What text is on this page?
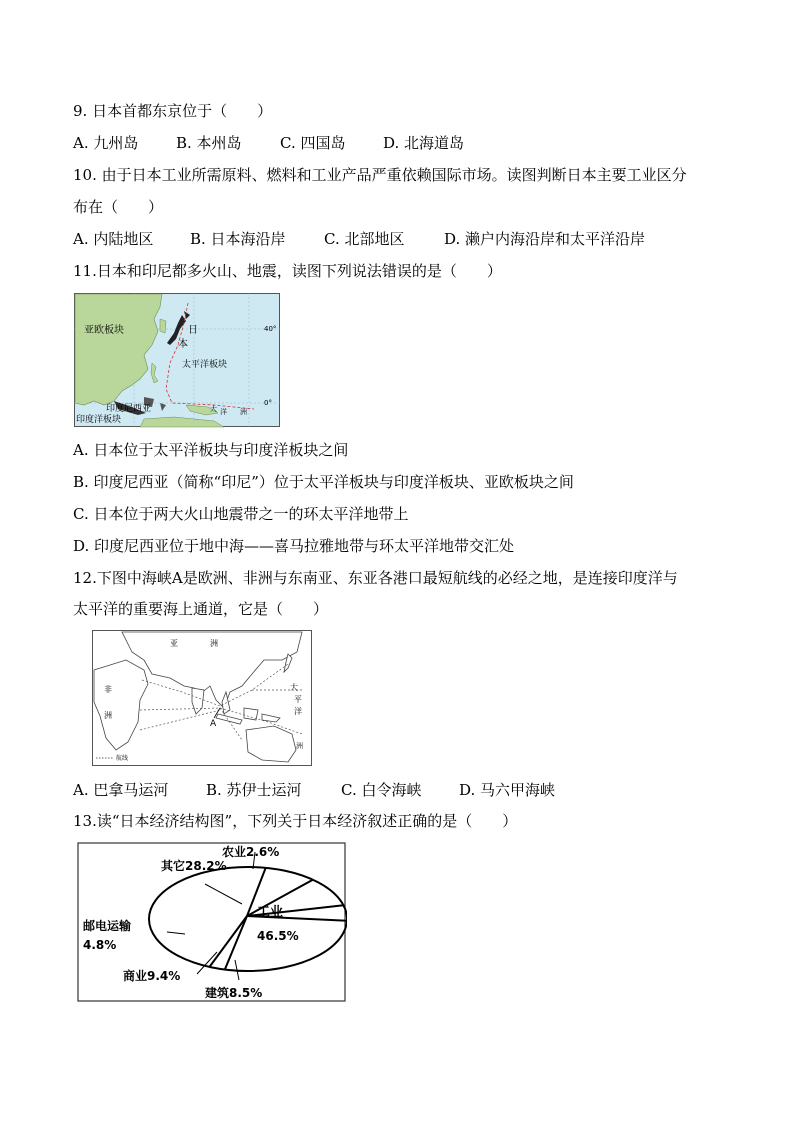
9. 日本首都东京位于（　　）
A. 九州岛	B. 本州岛	C. 四国岛	D. 北海道岛
10. 由于日本工业所需原料、燃料和工业产品严重依赖国际市场。读图判断日本主要工业区分
布在（　　）
A. 内陆地区 B. 日本海沿岸	C. 北部地区	D. 濑户内海沿岸和太平洋沿岸
11.日本和印尼都多火山、地震，读图下列说法错误的是（　　）
亚欧板块	日
本
太平洋板块
印度尼西亚
印度洋板块
大 洋 洲
40°
0°
A. 日本位于太平洋板块与印度洋板块之间
B. 印度尼西亚（简称“印尼”）位于太平洋板块与印度洋板块、亚欧板块之间
C. 日本位于两大火山地震带之一的环太平洋地带上
D. 印度尼西亚位于地中海——喜马拉雅地带与环太平洋地带交汇处
12.下图中海峡A是欧洲、非洲与东南亚、东亚各港口最短航线的必经之地，是连接印度洋与
太平洋的重要海上通道，它是（　　）
亚	洲
非
洲
大
平
洋
洲
A
航线
A. 巴拿马运河	B. 苏伊士运河	C. 白令海峡	D. 马六甲海峡
13.读“日本经济结构图”，下列关于日本经济叙述正确的是（　　）
其它28.2%
农业2.6%
工业
46.5%
邮电运输
4.8%
商业9.4%
建筑8.5%
